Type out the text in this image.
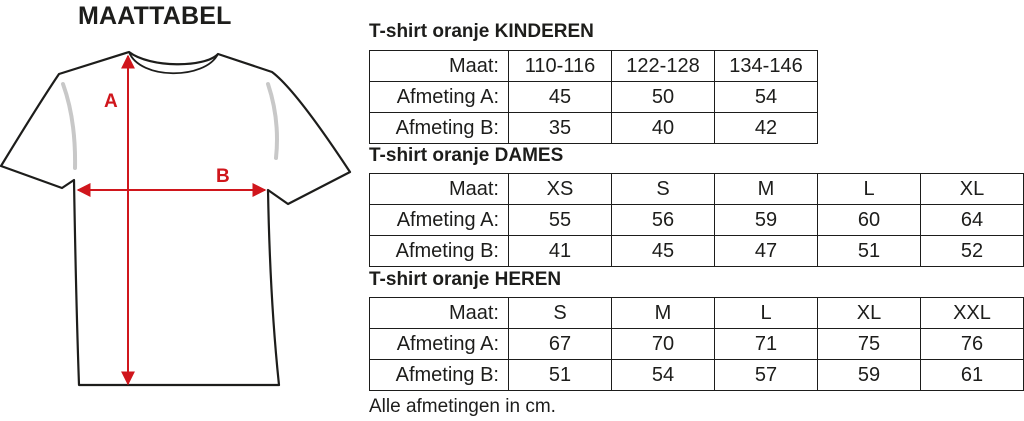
MAATTABEL
A
B
T-shirt oranje KINDEREN
Maat:	110-116	122-128	134-146
Afmeting A:	45	50	54
Afmeting B:	35	40	42
T-shirt oranje DAMES
Maat:	XS	S	M	L	XL
Afmeting A:	55	56	59	60	64
Afmeting B:	41	45	47	51	52
T-shirt oranje HEREN
Maat:	S	M	L	XL	XXL
Afmeting A:	67	70	71	75	76
Afmeting B:	51	54	57	59	61
Alle afmetingen in cm.
